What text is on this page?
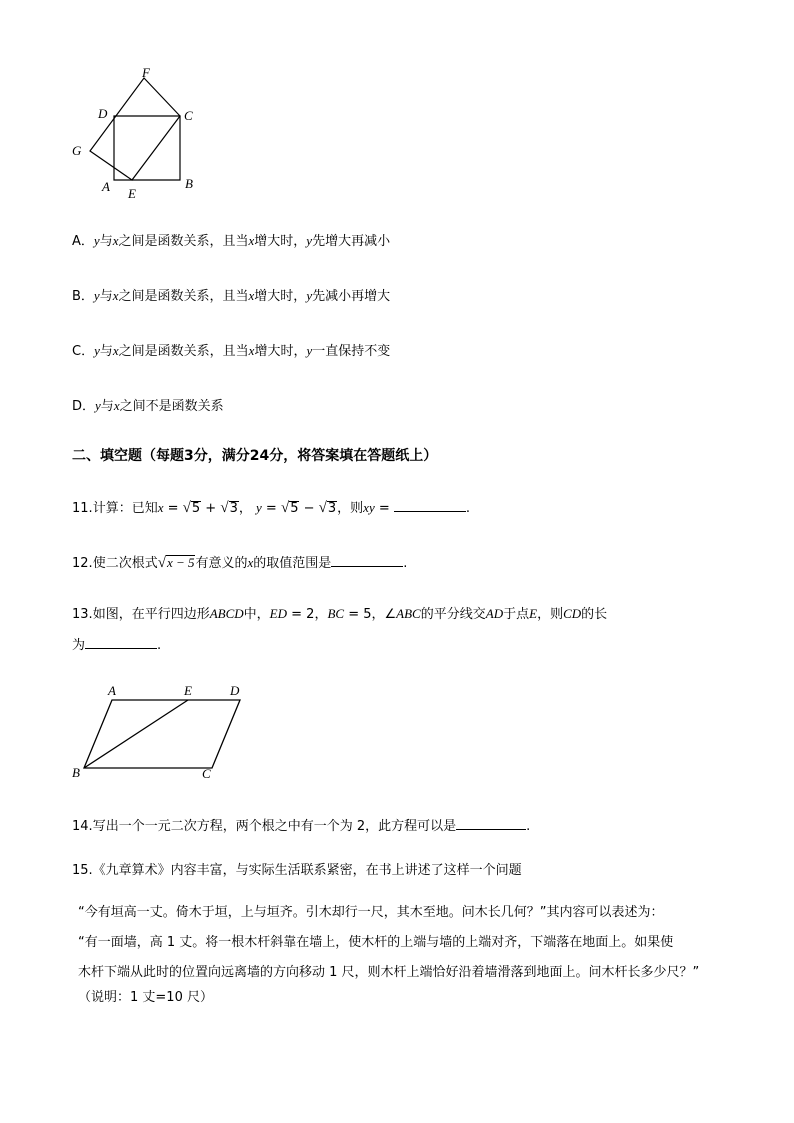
F
D	C
G
A E
B
A．y与x之间是函数关系，且当x增大时，y先增大再减小
B．y与x之间是函数关系，且当x增大时，y先减小再增大
C．y与x之间是函数关系，且当x增大时，y一直保持不变
D．y与x之间不是函数关系
二、填空题（每题3分，满分24分，将答案填在答题纸上）
11.计算：已知x = √5 + √3， y = √5 − √3，则xy =	.
12.使二次根式√x − 5有意义的x的取值范围是	.
13.如图，在平行四边形ABCD中，ED = 2，BC = 5，∠ABC的平分线交AD于点E，则CD的长
为	.
A	E	D
B	C
14.写出一个一元二次方程，两个根之中有一个为 2，此方程可以是	.
15.《九章算术》内容丰富，与实际生活联系紧密，在书上讲述了这样一个问题
“今有垣高一丈。倚木于垣，上与垣齐。引木却行一尺，其木至地。问木长几何？”其内容可以表述为：
“有一面墙，高 1 丈。将一根木杆斜靠在墙上，使木杆的上端与墙的上端对齐，下端落在地面上。如果使
木杆下端从此时的位置向远离墙的方向移动 1 尺，则木杆上端恰好沿着墙滑落到地面上。问木杆长多少尺？”
（说明：1 丈=10 尺）
